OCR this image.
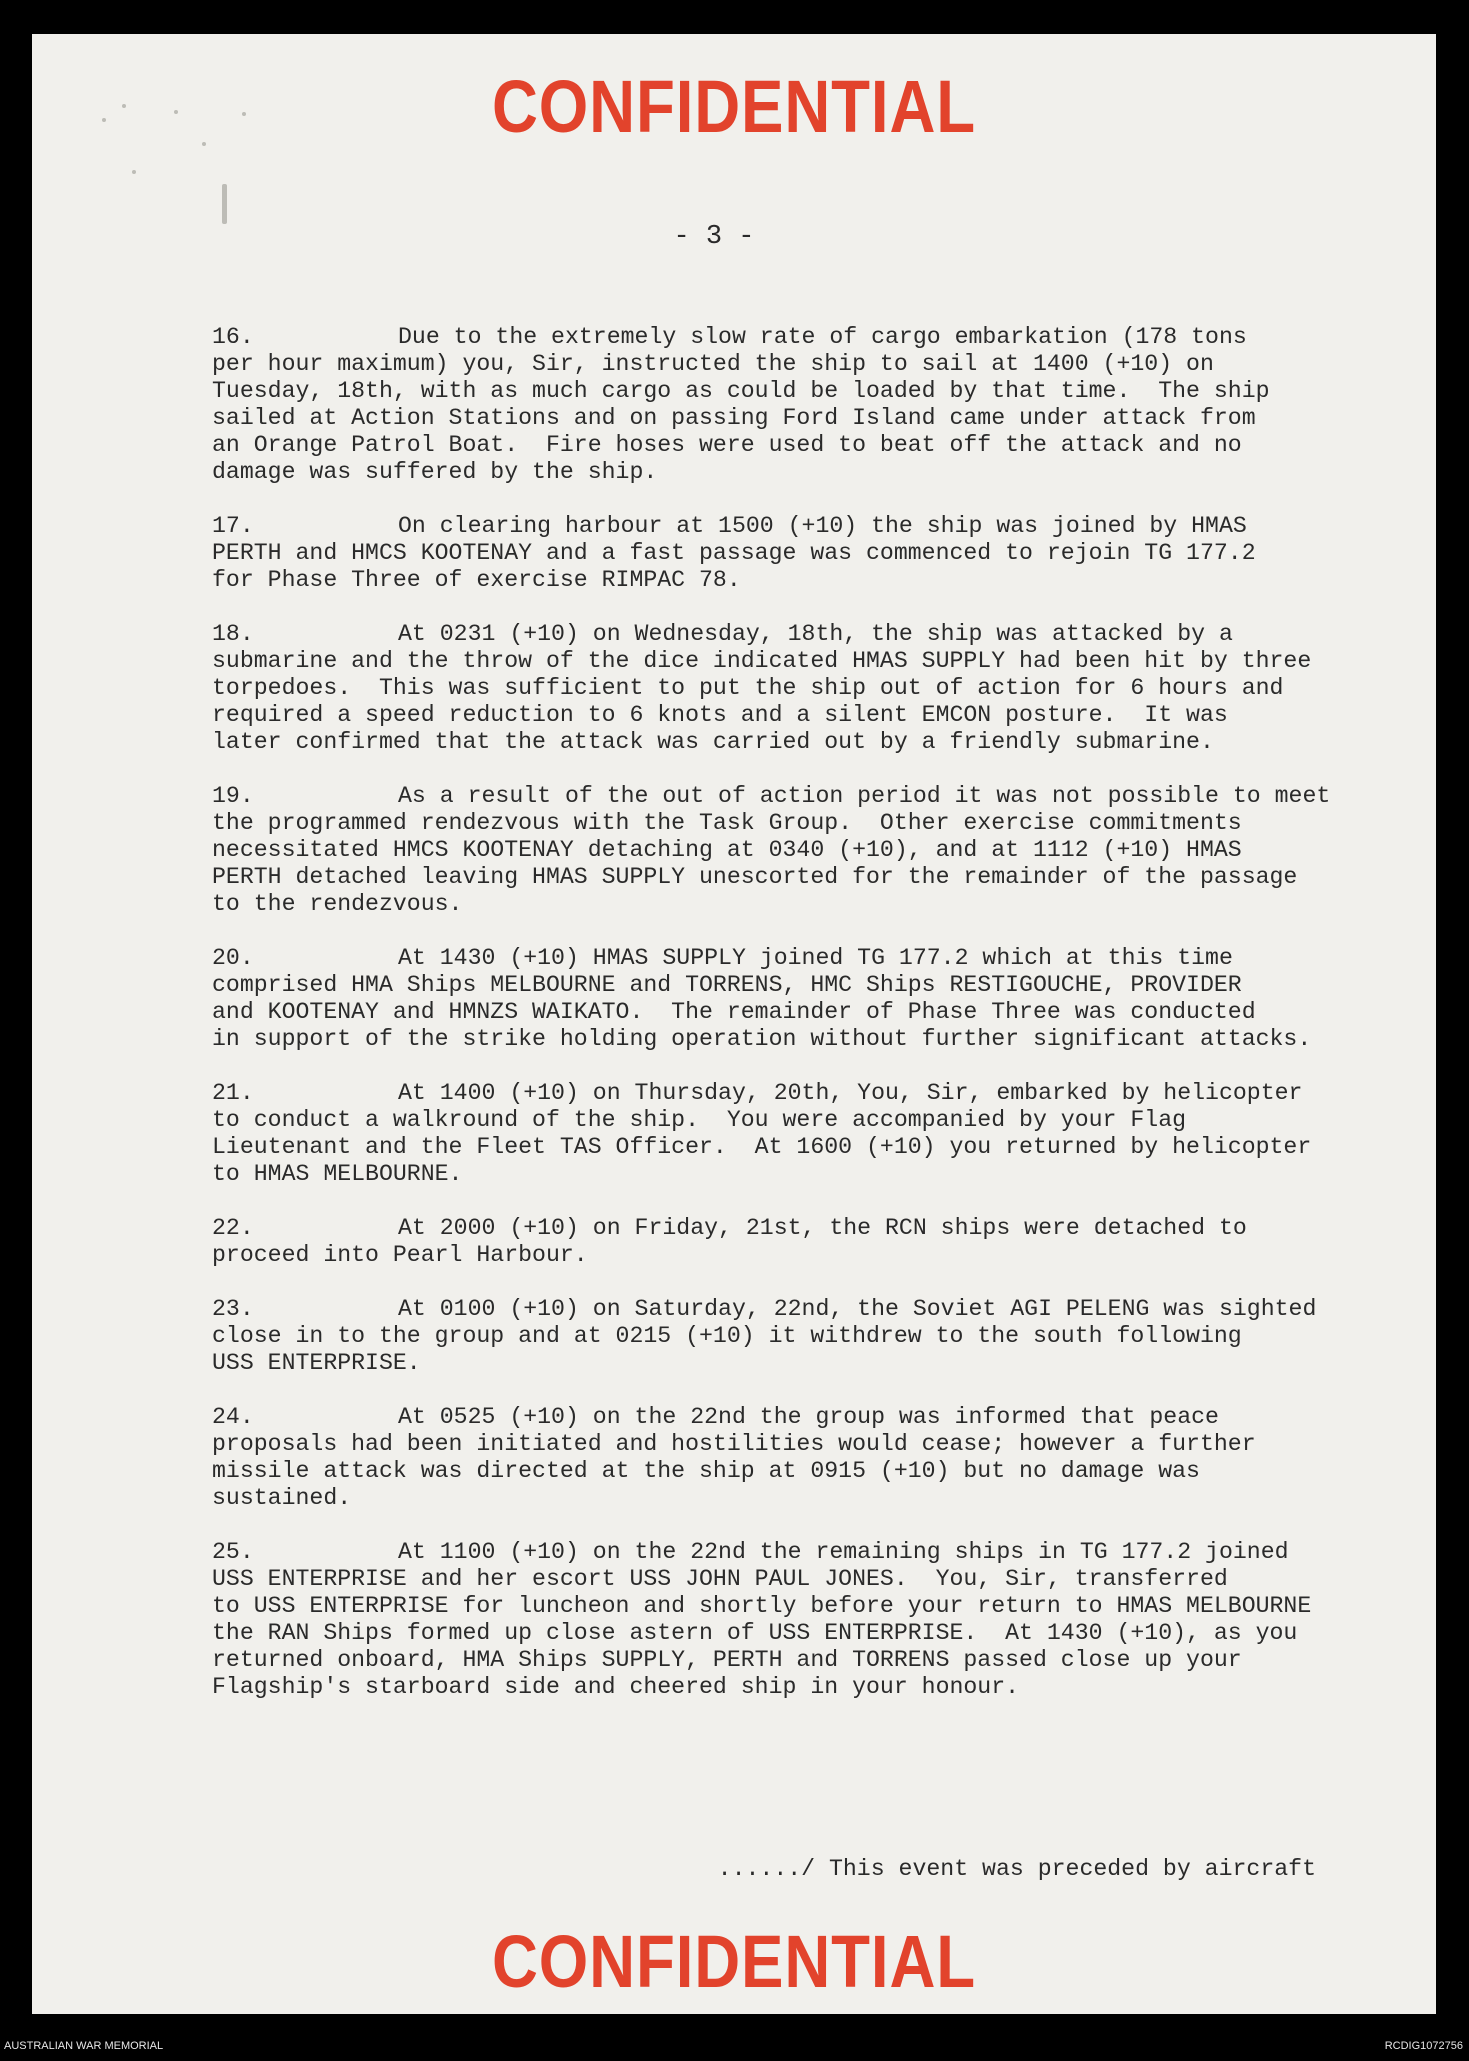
CONFIDENTIAL
- 3 -
16.	Due to the extremely slow rate of cargo embarkation (178 tons
per hour maximum) you, Sir, instructed the ship to sail at 1400 (+10) on
Tuesday, 18th, with as much cargo as could be loaded by that time.  The ship
sailed at Action Stations and on passing Ford Island came under attack from
an Orange Patrol Boat.  Fire hoses were used to beat off the attack and no
damage was suffered by the ship.
17.	On clearing harbour at 1500 (+10) the ship was joined by HMAS
PERTH and HMCS KOOTENAY and a fast passage was commenced to rejoin TG 177.2
for Phase Three of exercise RIMPAC 78.
18.	At 0231 (+10) on Wednesday, 18th, the ship was attacked by a
submarine and the throw of the dice indicated HMAS SUPPLY had been hit by three
torpedoes.  This was sufficient to put the ship out of action for 6 hours and
required a speed reduction to 6 knots and a silent EMCON posture.  It was
later confirmed that the attack was carried out by a friendly submarine.
19.	As a result of the out of action period it was not possible to meet
the programmed rendezvous with the Task Group.  Other exercise commitments
necessitated HMCS KOOTENAY detaching at 0340 (+10), and at 1112 (+10) HMAS
PERTH detached leaving HMAS SUPPLY unescorted for the remainder of the passage
to the rendezvous.
20.	At 1430 (+10) HMAS SUPPLY joined TG 177.2 which at this time
comprised HMA Ships MELBOURNE and TORRENS, HMC Ships RESTIGOUCHE, PROVIDER
and KOOTENAY and HMNZS WAIKATO.  The remainder of Phase Three was conducted
in support of the strike holding operation without further significant attacks.
21.	At 1400 (+10) on Thursday, 20th, You, Sir, embarked by helicopter
to conduct a walkround of the ship.  You were accompanied by your Flag
Lieutenant and the Fleet TAS Officer.  At 1600 (+10) you returned by helicopter
to HMAS MELBOURNE.
22.	At 2000 (+10) on Friday, 21st, the RCN ships were detached to
proceed into Pearl Harbour.
23.	At 0100 (+10) on Saturday, 22nd, the Soviet AGI PELENG was sighted
close in to the group and at 0215 (+10) it withdrew to the south following
USS ENTERPRISE.
24.	At 0525 (+10) on the 22nd the group was informed that peace
proposals had been initiated and hostilities would cease; however a further
missile attack was directed at the ship at 0915 (+10) but no damage was
sustained.
25.	At 1100 (+10) on the 22nd the remaining ships in TG 177.2 joined
USS ENTERPRISE and her escort USS JOHN PAUL JONES.  You, Sir, transferred
to USS ENTERPRISE for luncheon and shortly before your return to HMAS MELBOURNE
the RAN Ships formed up close astern of USS ENTERPRISE.  At 1430 (+10), as you
returned onboard, HMA Ships SUPPLY, PERTH and TORRENS passed close up your
Flagship's starboard side and cheered ship in your honour.
....../ This event was preceded by aircraft
CONFIDENTIAL
AUSTRALIAN WAR MEMORIAL	RCDIG1072756
